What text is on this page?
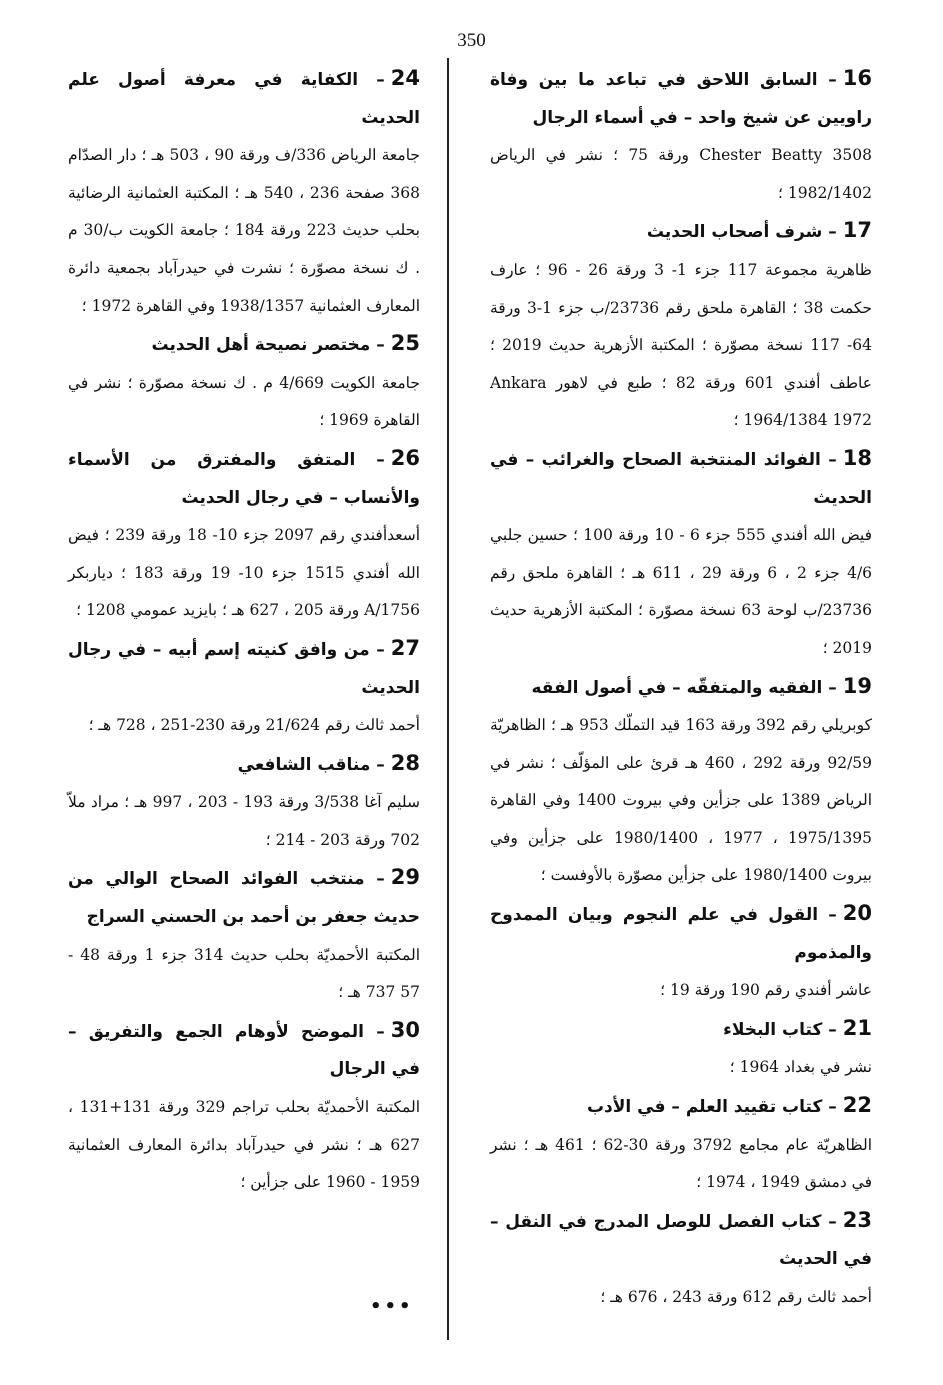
350

16– السابق اللاحق في تباعد ما بين وفاة راويين عن شيخ واحد – في أسماء الرجال

Chester Beatty 3508 ورقة 75 ؛ نشر في الرياض 1982/1402 ؛

17– شرف أصحاب الحديث

ظاهرية مجموعة 117 جزء 1- 3 ورقة 26 - 96 ؛ عارف حكمت 38 ؛ القاهرة ملحق رقم 23736/ب جزء 1-3 ورقة 64- 117 نسخة مصوّرة ؛ المكتبة الأزهرية حديث 2019 ؛ عاطف أفندي 601 ورقة 82 ؛ طبع في لاهور Ankara 1964/1384 1972 ؛

18– الفوائد المنتخبة الصحاح والغرائب – في الحديث

فيض الله أفندي 555 جزء 6 - 10 ورقة 100 ؛ حسين جلبي 4/6 جزء 2 ، 6 ورقة 29 ، 611 هـ ؛ القاهرة ملحق رقم 23736/ب لوحة 63 نسخة مصوّرة ؛ المكتبة الأزهرية حديث 2019 ؛

19– الفقيه والمتفقّه – في أصول الفقه

كوبريلي رقم 392 ورقة 163 قيد التملّك 953 هـ ؛ الظاهريّة 92/59 ورقة 292 ، 460 هـ قرئ على المؤلّف ؛ نشر في الرياض 1389 على جزأين وفي بيروت 1400 وفي القاهرة 1975/1395 ، 1977 ، 1980/1400 على جزأين وفي بيروت 1980/1400 على جزأين مصوّرة بالأوفست ؛

20– القول في علم النجوم وبيان الممدوح والمذموم

عاشر أفندي رقم 190 ورقة 19 ؛

21– كتاب البخلاء

نشر في بغداد 1964 ؛

22– كتاب تقييد العلم – في الأدب

الظاهريّة عام مجامع 3792 ورقة 30-62 ؛ 461 هـ ؛ نشر في دمشق 1949 ، 1974 ؛

23– كتاب الفصل للوصل المدرج في النقل – في الحديث

أحمد ثالث رقم 612 ورقة 243 ، 676 هـ ؛

24– الكفاية في معرفة أصول علم الحديث

جامعة الرياض 336/ف ورقة 90 ، 503 هـ ؛ دار الصدّام 368 صفحة 236 ، 540 هـ ؛ المكتبة العثمانية الرضائية بحلب حديث 223 ورقة 184 ؛ جامعة الكويت ب/30 م . ك نسخة مصوّرة ؛ نشرت في حيدرآباد بجمعية دائرة المعارف العثمانية 1938/1357 وفي القاهرة 1972 ؛

25– مختصر نصيحة أهل الحديث

جامعة الكويت 4/669 م . ك نسخة مصوّرة ؛ نشر في القاهرة 1969 ؛

26– المتفق والمفترق من الأسماء والأنساب – في رجال الحديث

أسعدأفندي رقم 2097 جزء 10- 18 ورقة 239 ؛ فيض الله أفندي 1515 جزء 10- 19 ورقة 183 ؛ دياربكر 1756/A ورقة 205 ، 627 هـ ؛ بايزيد عمومي 1208 ؛

27– من وافق كنيته إسم أبيه – في رجال الحديث

أحمد ثالث رقم 21/624 ورقة 230-251 ، 728 هـ ؛

28– مناقب الشافعي

سليم آغا 3/538 ورقة 193 - 203 ، 997 هـ ؛ مراد ملاّ 702 ورقة 203 - 214 ؛

29– منتخب الفوائد الصحاح الوالي من حديث جعفر بن أحمد بن الحسني السراج

المكتبة الأحمديّة بحلب حديث 314 جزء 1 ورقة 48 - 57 737 هـ ؛

30– الموضح لأوهام الجمع والتفريق – في الرجال

المكتبة الأحمديّة بحلب تراجم 329 ورقة 131+131 ، 627 هـ ؛ نشر في حيدرآباد بدائرة المعارف العثمانية 1959 - 1960 على جزأين ؛

•••
